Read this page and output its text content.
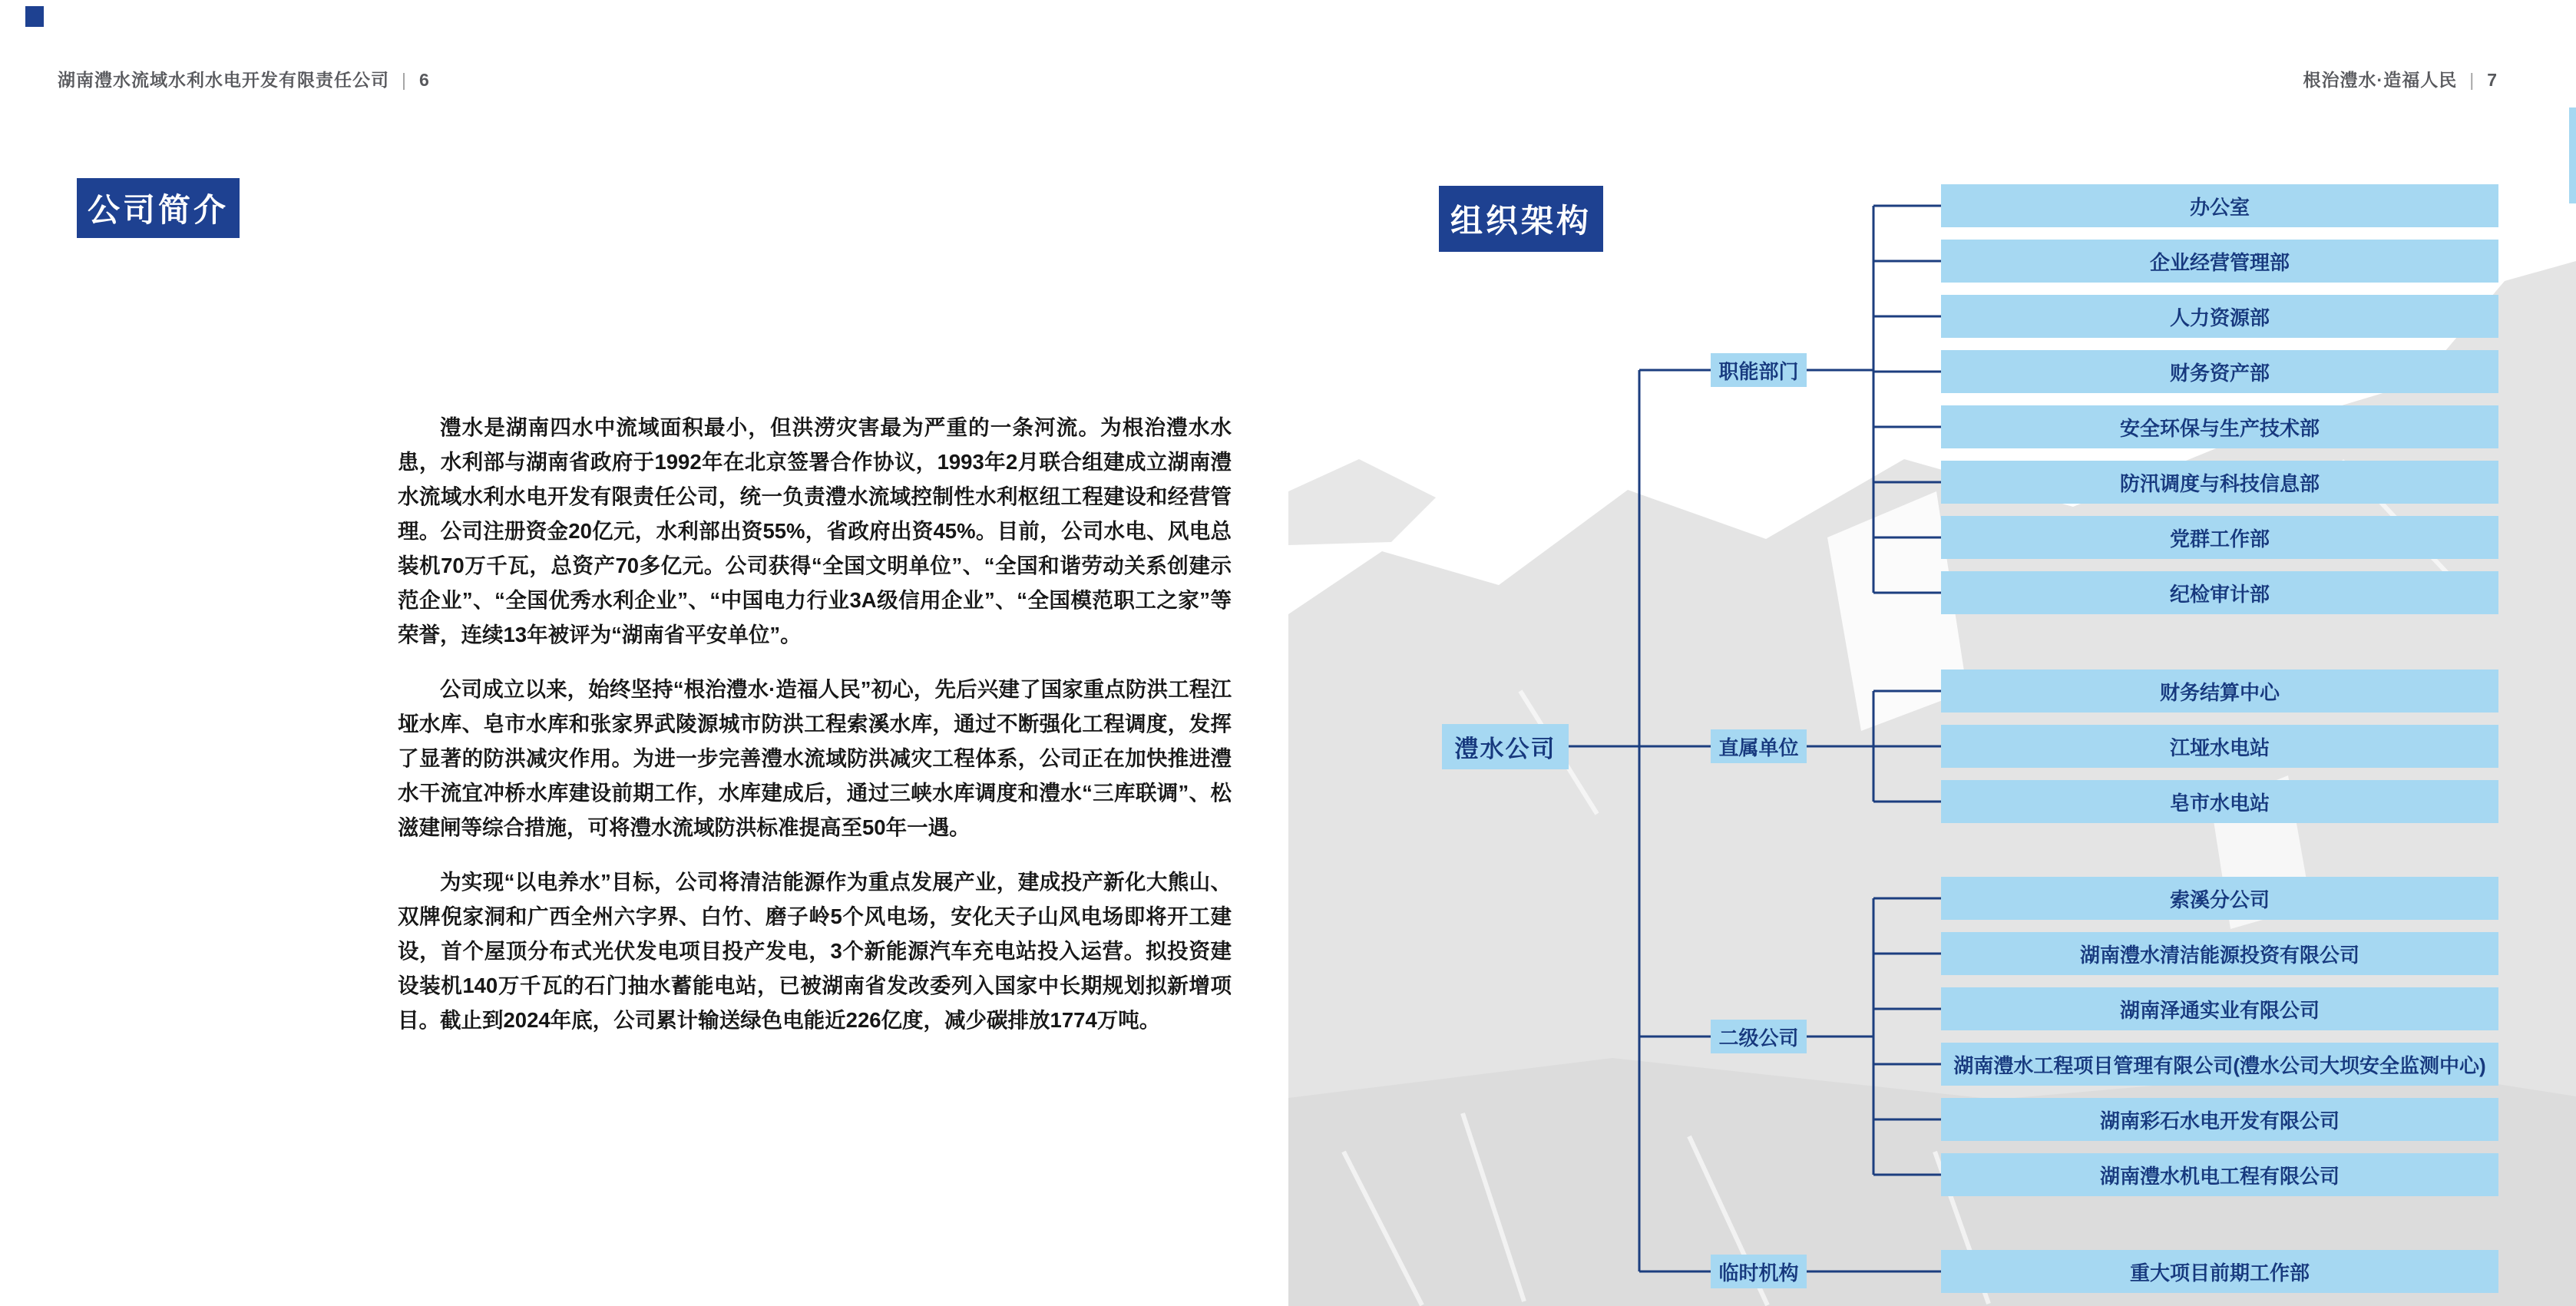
湖南澧水流域水利水电开发有限责任公司 | 6	根治澧水·造福人民 | 7
公司简介

澧水是湖南四水中流域面积最小，但洪涝灾害最为严重的一条河流。为根治澧水水患，水利部与湖南省政府于1992年在北京签署合作协议，1993年2月联合组建成立湖南澧水流域水利水电开发有限责任公司，统一负责澧水流域控制性水利枢纽工程建设和经营管理。公司注册资金20亿元，水利部出资55%，省政府出资45%。目前，公司水电、风电总装机70万千瓦，总资产70多亿元。公司获得“全国文明单位”、“全国和谐劳动关系创建示范企业”、“全国优秀水利企业”、“中国电力行业3A级信用企业”、“全国模范职工之家”等荣誉，连续13年被评为“湖南省平安单位”。

公司成立以来，始终坚持“根治澧水·造福人民”初心，先后兴建了国家重点防洪工程江垭水库、皂市水库和张家界武陵源城市防洪工程索溪水库，通过不断强化工程调度，发挥了显著的防洪减灾作用。为进一步完善澧水流域防洪减灾工程体系，公司正在加快推进澧水干流宜冲桥水库建设前期工作，水库建成后，通过三峡水库调度和澧水“三库联调”、松滋建闸等综合措施，可将澧水流域防洪标准提高至50年一遇。

为实现“以电养水”目标，公司将清洁能源作为重点发展产业，建成投产新化大熊山、双牌倪家洞和广西全州六字界、白竹、磨子岭5个风电场，安化天子山风电场即将开工建设，首个屋顶分布式光伏发电项目投产发电，3个新能源汽车充电站投入运营。拟投资建设装机140万千瓦的石门抽水蓄能电站，已被湖南省发改委列入国家中长期规划拟新增项目。截止到2024年底，公司累计输送绿色电能近226亿度，减少碳排放1774万吨。

组织架构
澧水公司
职能部门
办公室
企业经营管理部
人力资源部
财务资产部
安全环保与生产技术部
防汛调度与科技信息部
党群工作部
纪检审计部
直属单位
财务结算中心
江垭水电站
皂市水电站
二级公司
索溪分公司
湖南澧水清洁能源投资有限公司
湖南泽通实业有限公司
湖南澧水工程项目管理有限公司(澧水公司大坝安全监测中心)
湖南彩石水电开发有限公司
湖南澧水机电工程有限公司
临时机构	重大项目前期工作部
